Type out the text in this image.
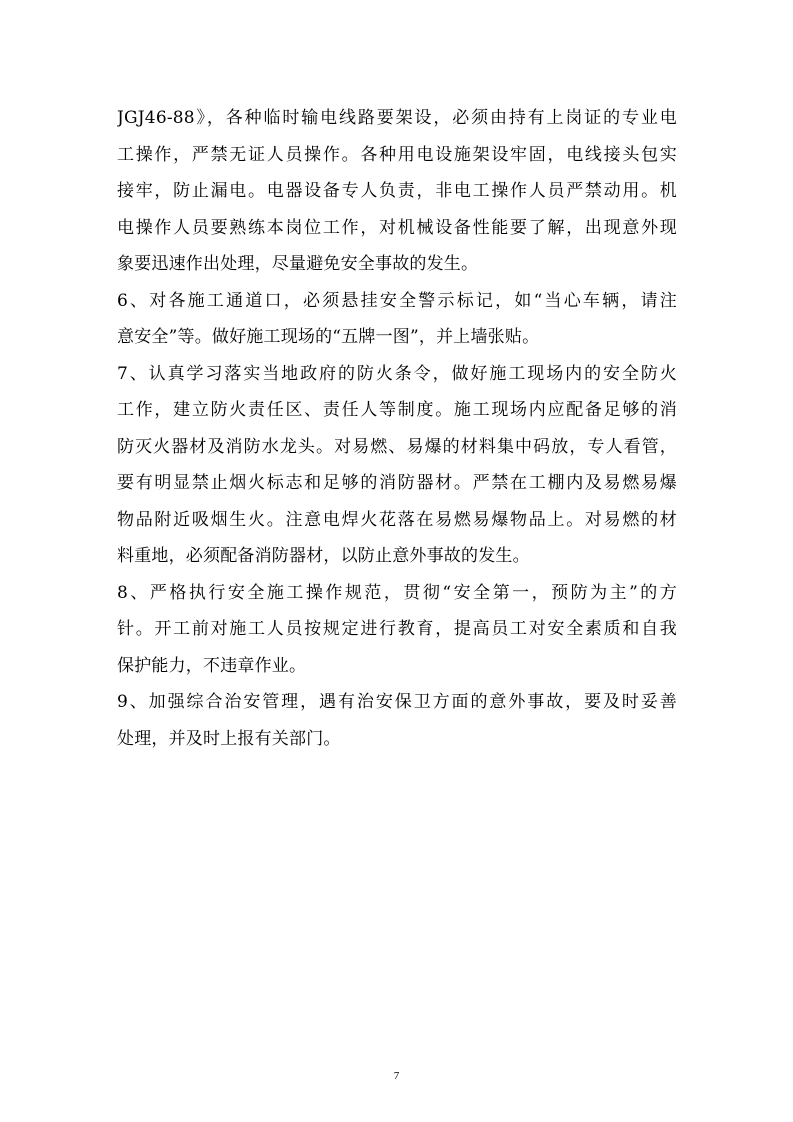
JGJ46-88》，各种临时输电线路要架设，必须由持有上岗证的专业电
工操作，严禁无证人员操作。各种用电设施架设牢固，电线接头包实
接牢，防止漏电。电器设备专人负责，非电工操作人员严禁动用。机
电操作人员要熟练本岗位工作，对机械设备性能要了解，出现意外现
象要迅速作出处理，尽量避免安全事故的发生。
6、对各施工通道口，必须悬挂安全警示标记，如“当心车辆，请注
意安全”等。做好施工现场的“五牌一图”，并上墙张贴。
7、认真学习落实当地政府的防火条令，做好施工现场内的安全防火
工作，建立防火责任区、责任人等制度。施工现场内应配备足够的消
防灭火器材及消防水龙头。对易燃、易爆的材料集中码放，专人看管，
要有明显禁止烟火标志和足够的消防器材。严禁在工棚内及易燃易爆
物品附近吸烟生火。注意电焊火花落在易燃易爆物品上。对易燃的材
料重地，必须配备消防器材，以防止意外事故的发生。
8、严格执行安全施工操作规范，贯彻“安全第一，预防为主”的方
针。开工前对施工人员按规定进行教育，提高员工对安全素质和自我
保护能力，不违章作业。
9、加强综合治安管理，遇有治安保卫方面的意外事故，要及时妥善
处理，并及时上报有关部门。
7
